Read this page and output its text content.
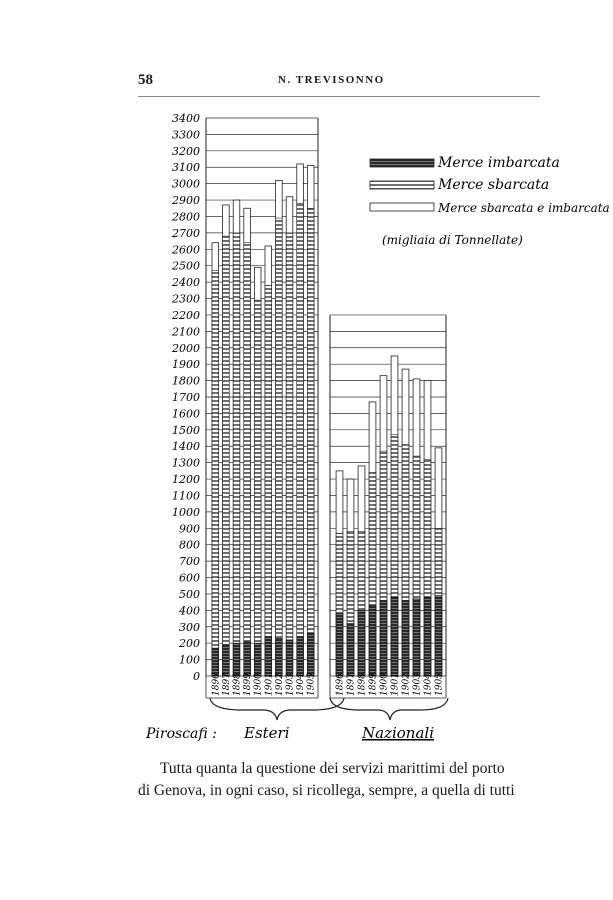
58	N. TREVISONNO
0
100
200
300
400
500
600
700
800
900
1000
1100
1200
1300
1400
1500
1600
1700
1800
1900
2000
2100
2200
2300
2400
2500
2600
2700
2800
2900
3000
3100
3200
3300
3400
1896 1897 1898 1899 1900 1901 1902 1903 1904 1905 1896 1897 1898 1899 1900 1901 1902 1903 1904 1905
Merce imbarcata
Merce sbarcata
Merce sbarcata e imbarcata
(migliaia di Tonnellate)
Piroscafi : Esteri	Nazionali

Tutta quanta la questione dei servizi marittimi del porto

di Genova, in ogni caso, si ricollega, sempre, a quella di tutti
